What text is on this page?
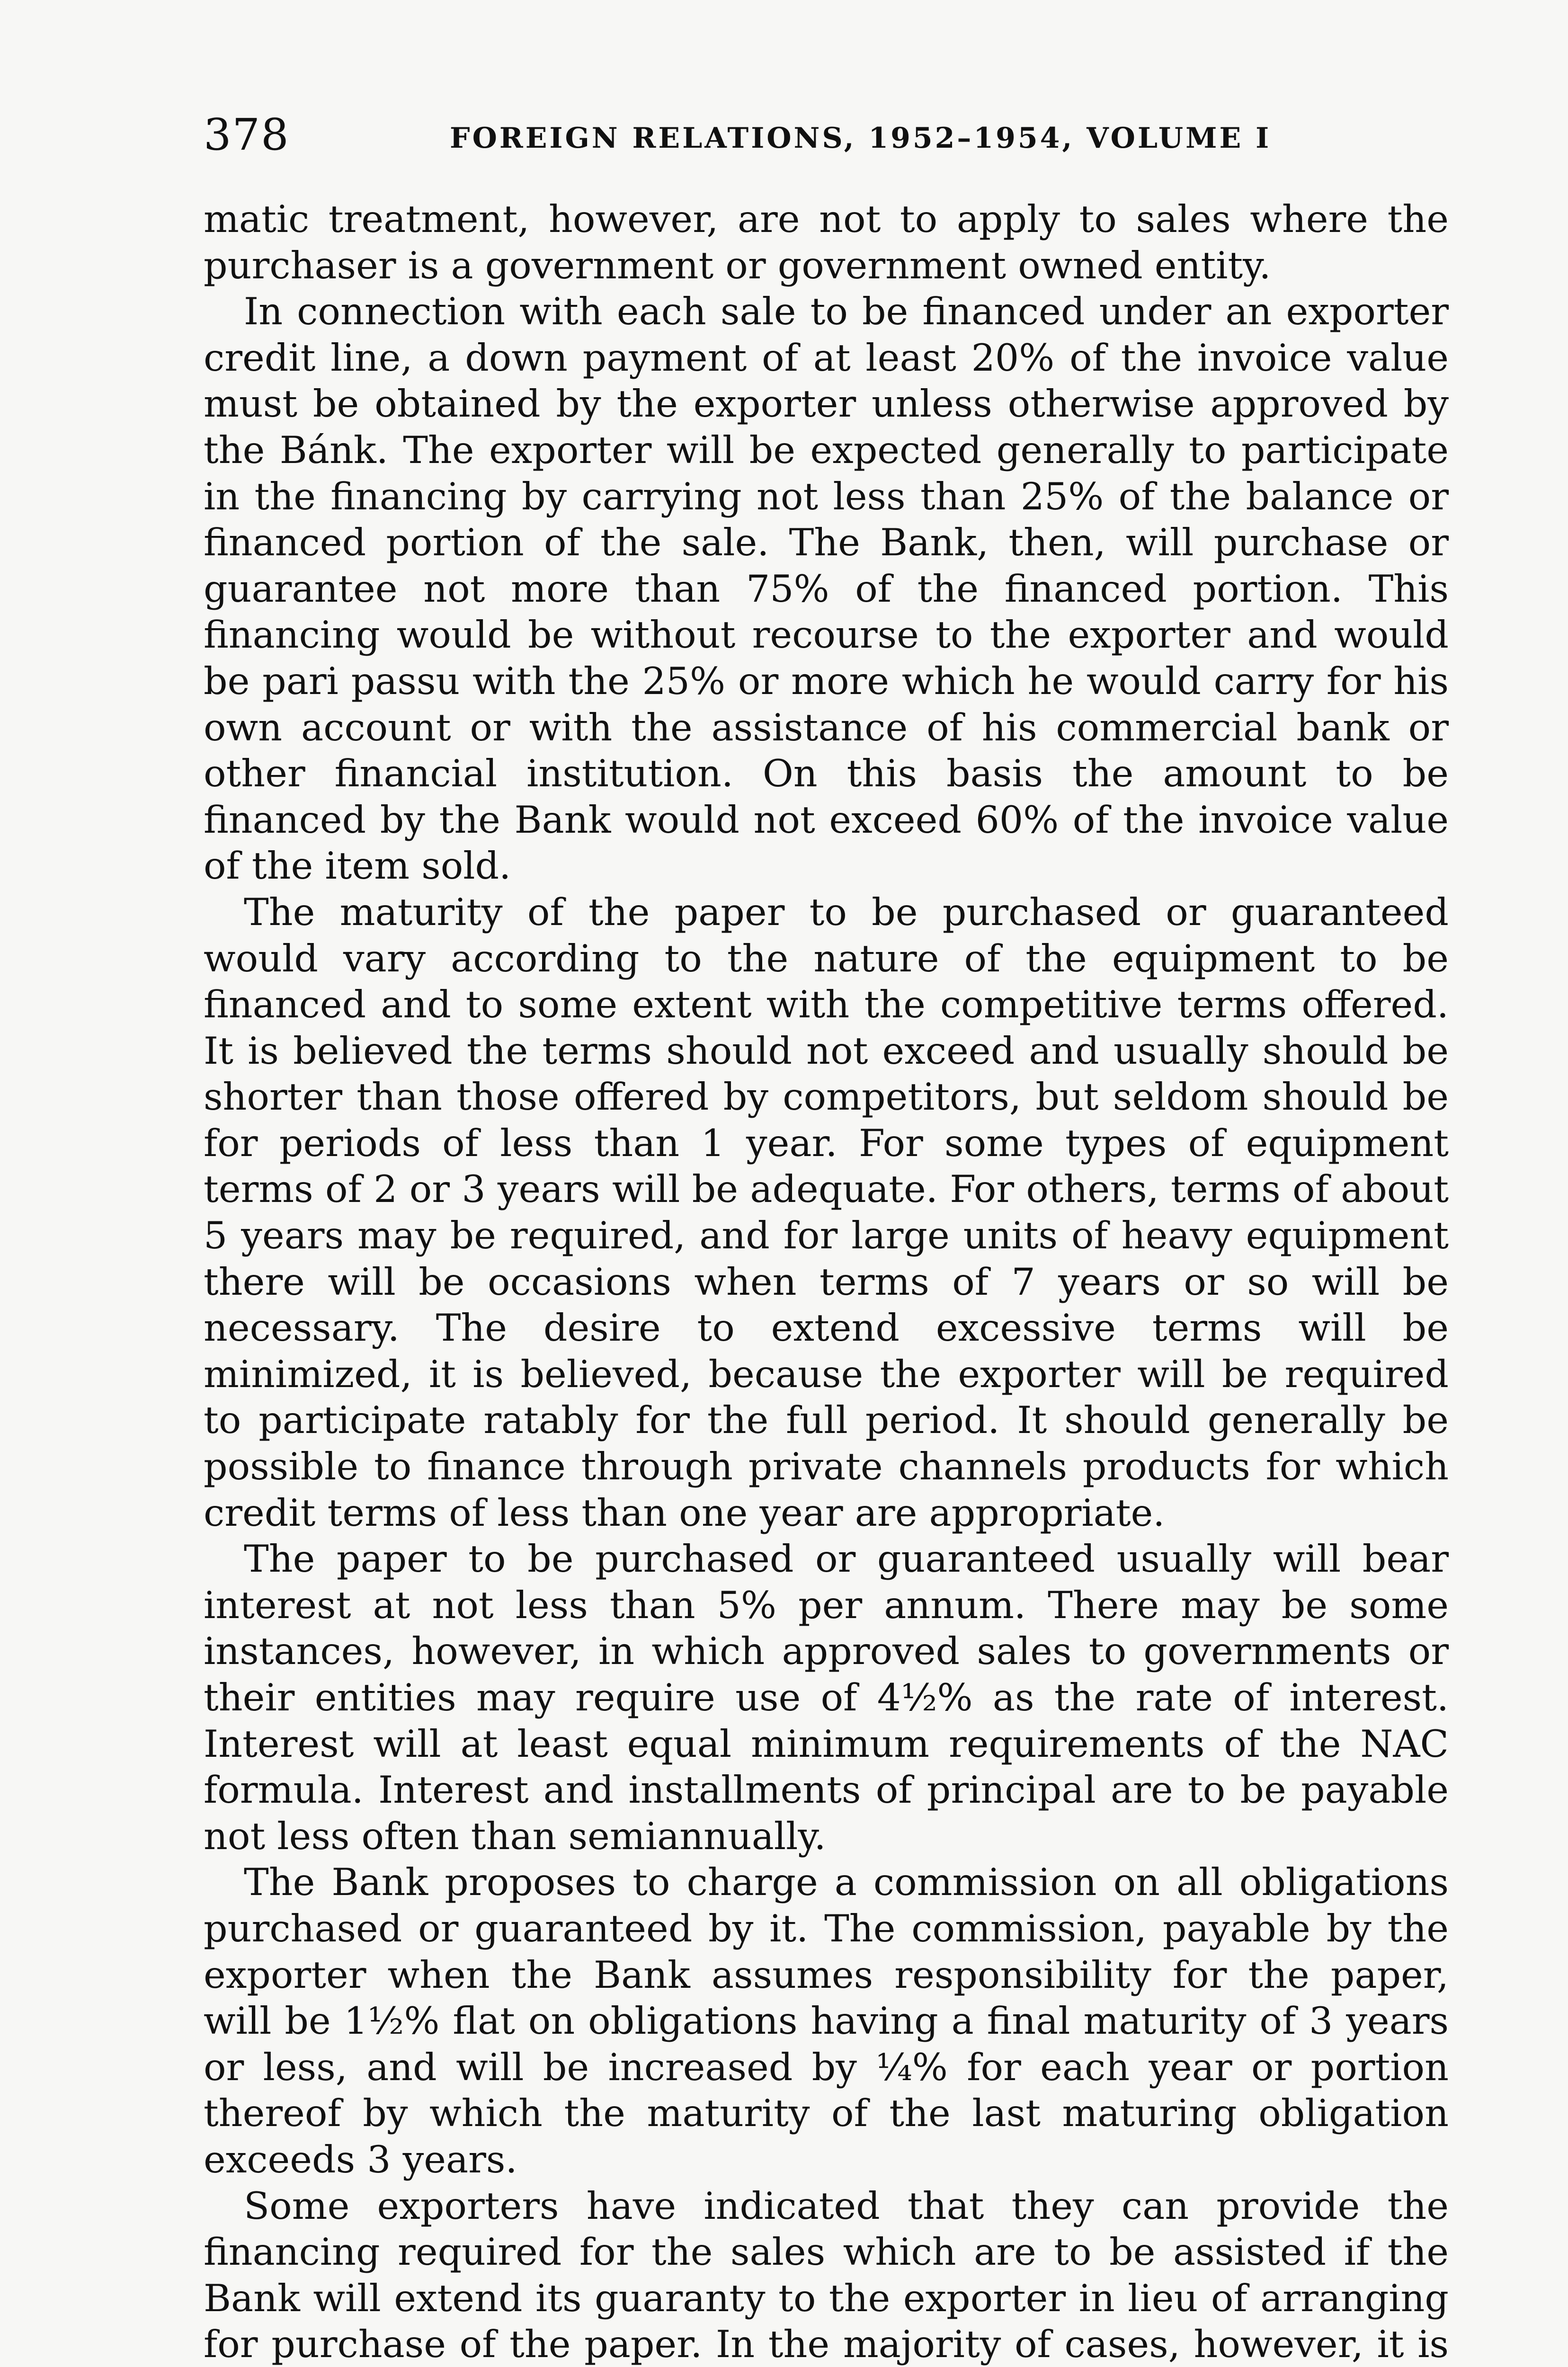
378	FOREIGN RELATIONS, 1952–1954, VOLUME I

matic treatment, however, are not to apply to sales where the purchaser is a government or government owned entity.

In connection with each sale to be financed under an exporter credit line, a down payment of at least 20% of the invoice value must be obtained by the exporter unless otherwise approved by the Bánk. The exporter will be expected generally to participate in the financing by carrying not less than 25% of the balance or financed portion of the sale. The Bank, then, will purchase or guarantee not more than 75% of the financed portion. This financing would be without recourse to the exporter and would be pari passu with the 25% or more which he would carry for his own account or with the assistance of his commercial bank or other financial institution. On this basis the amount to be financed by the Bank would not exceed 60% of the invoice value of the item sold.

The maturity of the paper to be purchased or guaranteed would vary according to the nature of the equipment to be financed and to some extent with the competitive terms offered. It is believed the terms should not exceed and usually should be shorter than those offered by competitors, but seldom should be for periods of less than 1 year. For some types of equipment terms of 2 or 3 years will be adequate. For others, terms of about 5 years may be required, and for large units of heavy equipment there will be occasions when terms of 7 years or so will be necessary. The desire to extend excessive terms will be minimized, it is believed, because the exporter will be required to participate ratably for the full period. It should generally be possible to finance through private channels products for which credit terms of less than one year are appropriate.

The paper to be purchased or guaranteed usually will bear interest at not less than 5% per annum. There may be some instances, however, in which approved sales to governments or their entities may require use of 4½% as the rate of interest. Interest will at least equal minimum requirements of the NAC formula. Interest and installments of principal are to be payable not less often than semiannually.

The Bank proposes to charge a commission on all obligations purchased or guaranteed by it. The commission, payable by the exporter when the Bank assumes responsibility for the paper, will be 1½% flat on obligations having a final maturity of 3 years or less, and will be increased by ¼% for each year or portion thereof by which the maturity of the last maturing obligation exceeds 3 years.

Some exporters have indicated that they can provide the financing required for the sales which are to be assisted if the Bank will extend its guaranty to the exporter in lieu of arranging for purchase of the paper. In the majority of cases, however, it is
